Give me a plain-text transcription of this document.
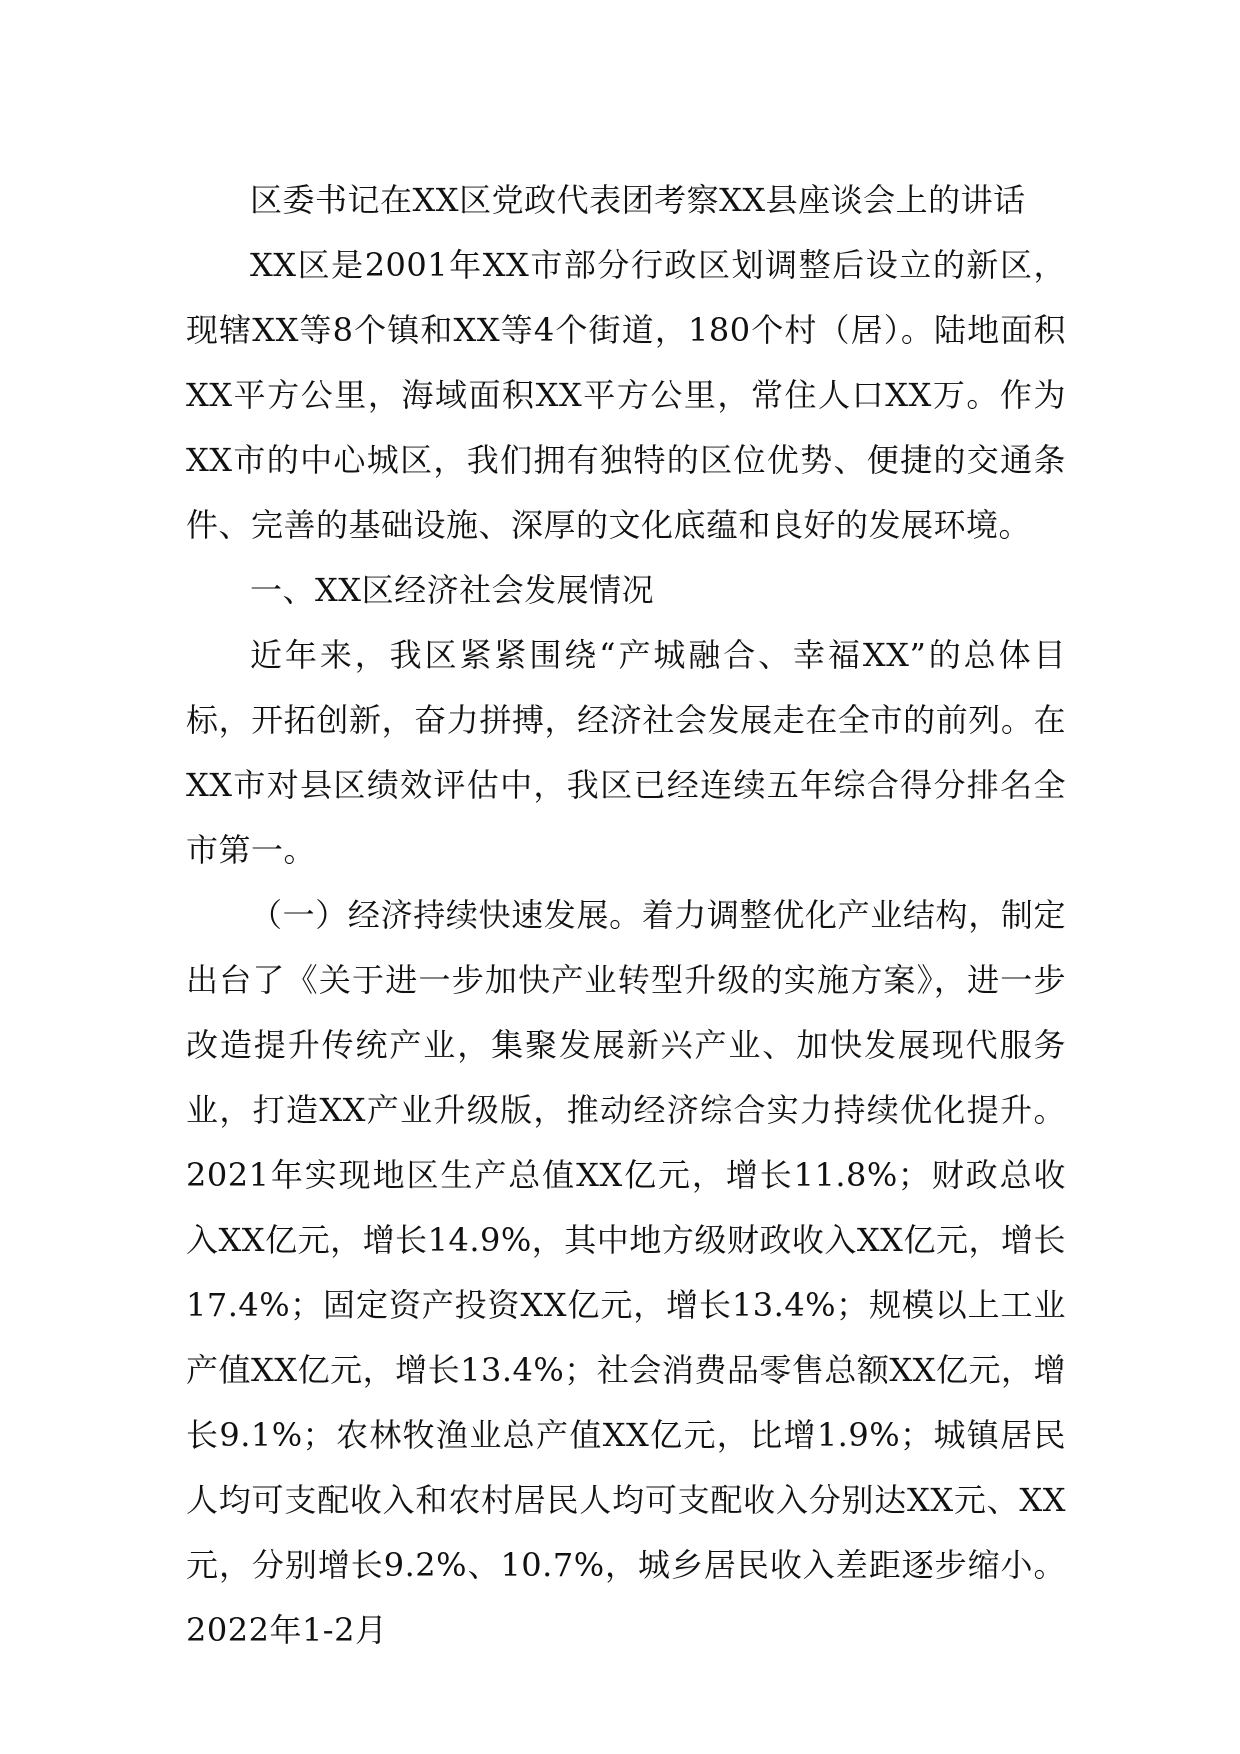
区委书记在XX区党政代表团考察XX县座谈会上的讲话

XX区是2001年XX市部分行政区划调整后设立的新区，现辖XX等8个镇和XX等4个街道，180个村（居）。陆地面积XX平方公里，海域面积XX平方公里，常住人口XX万。作为XX市的中心城区，我们拥有独特的区位优势、便捷的交通条件、完善的基础设施、深厚的文化底蕴和良好的发展环境。

一、XX区经济社会发展情况

近年来，我区紧紧围绕“产城融合、幸福XX”的总体目标，开拓创新，奋力拼搏，经济社会发展走在全市的前列。在XX市对县区绩效评估中，我区已经连续五年综合得分排名全市第一。

（一）经济持续快速发展。着力调整优化产业结构，制定出台了《关于进一步加快产业转型升级的实施方案》，进一步改造提升传统产业，集聚发展新兴产业、加快发展现代服务业，打造XX产业升级版，推动经济综合实力持续优化提升。2021年实现地区生产总值XX亿元，增长11.8%；财政总收入XX亿元，增长14.9%，其中地方级财政收入XX亿元，增长17.4%；固定资产投资XX亿元，增长13.4%；规模以上工业产值XX亿元，增长13.4%；社会消费品零售总额XX亿元，增长9.1%；农林牧渔业总产值XX亿元，比增1.9%；城镇居民人均可支配收入和农村居民人均可支配收入分别达XX元、XX元，分别增长9.2%、10.7%，城乡居民收入差距逐步缩小。2022年1-2月
